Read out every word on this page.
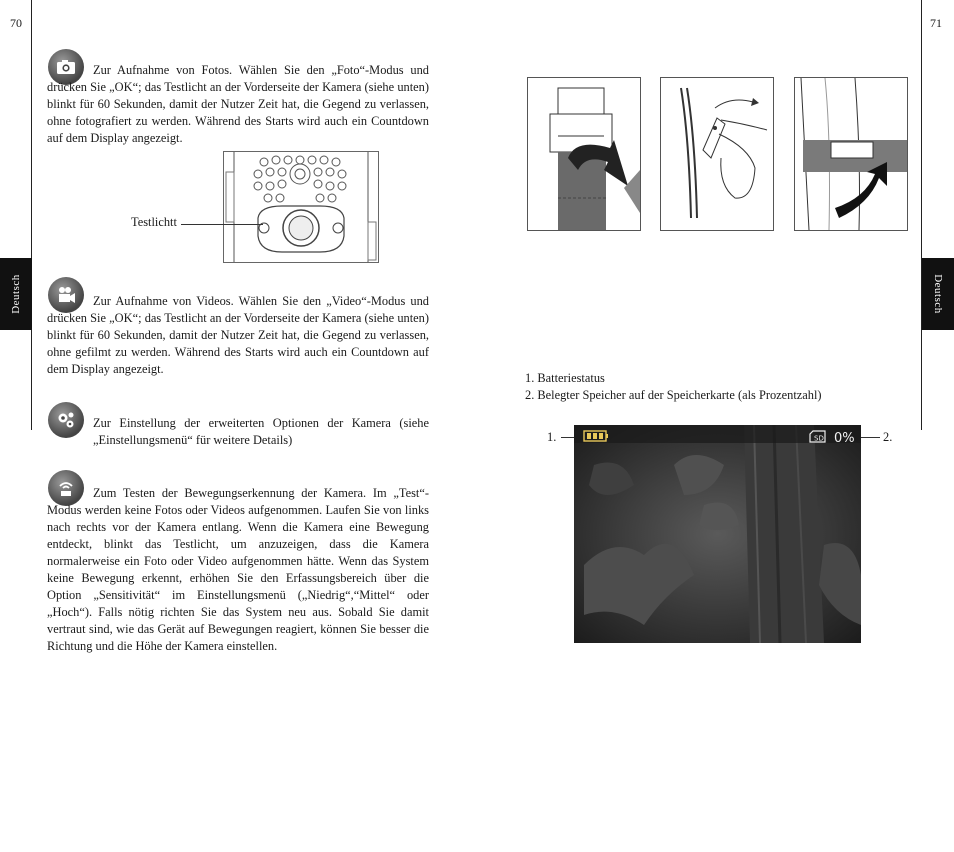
70
Deutsch
Zur Aufnahme von Fotos. Wählen Sie den „Foto“-Modus und drücken Sie „OK“; das Testlicht an der Vorderseite der Kamera (siehe unten) blinkt für 60 Sekunden, damit der Nutzer Zeit hat, die Gegend zu verlassen, ohne fotografiert zu werden. Während des Starts wird auch ein Countdown auf dem Display angezeigt.
Testlichtt
Zur Aufnahme von Videos. Wählen Sie den „Video“-Modus und drücken Sie „OK“; das Testlicht an der Vorderseite der Kamera (siehe unten) blinkt für 60 Sekunden, damit der Nutzer Zeit hat, die Gegend zu verlassen, ohne gefilmt zu werden. Während des Starts wird auch ein Countdown auf dem Display angezeigt.
Zur Einstellung der erweiterten Optionen der Kamera (siehe „Einstellungsmenü“ für weitere Details)
Zum Testen der Bewegungserkennung der Kamera. Im „Test“-Modus werden keine Fotos oder Videos aufgenommen. Laufen Sie von links nach rechts vor der Kamera entlang. Wenn die Kamera eine Bewegung entdeckt, blinkt das Testlicht, um anzuzeigen, dass die Kamera normalerweise ein Foto oder Video aufgenommen hätte. Wenn das System keine Bewegung erkennt, erhöhen Sie den Erfassungsbereich über die Option „Sensitivität“ im Einstellungsmenü („Niedrig“,“Mittel“ oder „Hoch“). Falls nötig richten Sie das System neu aus. Sobald Sie damit vertraut sind, wie das Gerät auf Bewegungen reagiert, können Sie besser die Richtung und die Höhe der Kamera einstellen.
71
Deutsch
1. Batteriestatus
2. Belegter Speicher auf der Speicherkarte (als Prozentzahl)
1.	2.
SD 0%
